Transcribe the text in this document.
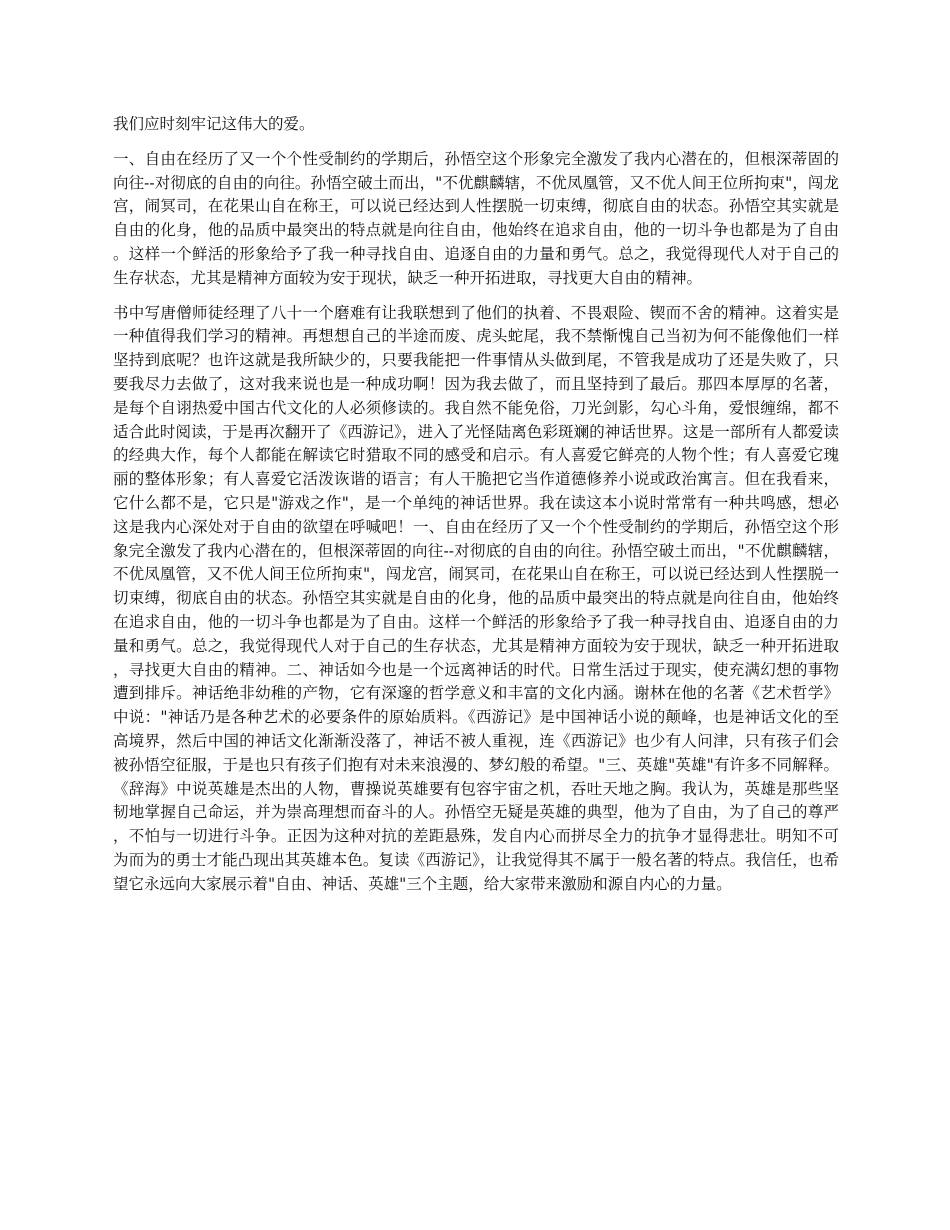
我们应时刻牢记这伟大的爱。

一、自由在经历了又一个个性受制约的学期后，孙悟空这个形象完全激发了我内心潜在的，但根深蒂固的向往--对彻底的自由的向往。孙悟空破土而出，"不优麒麟辖，不优凤凰管，又不优人间王位所拘束"，闯龙宫，闹冥司，在花果山自在称王，可以说已经达到人性摆脱一切束缚，彻底自由的状态。孙悟空其实就是自由的化身，他的品质中最突出的特点就是向往自由，他始终在追求自由，他的一切斗争也都是为了自由。这样一个鲜活的形象给予了我一种寻找自由、追逐自由的力量和勇气。总之，我觉得现代人对于自己的生存状态，尤其是精神方面较为安于现状，缺乏一种开拓进取，寻找更大自由的精神。

书中写唐僧师徒经理了八十一个磨难有让我联想到了他们的执着、不畏艰险、锲而不舍的精神。这着实是一种值得我们学习的精神。再想想自己的半途而废、虎头蛇尾，我不禁惭愧自己当初为何不能像他们一样坚持到底呢？也许这就是我所缺少的，只要我能把一件事情从头做到尾，不管我是成功了还是失败了，只要我尽力去做了，这对我来说也是一种成功啊！因为我去做了，而且坚持到了最后。那四本厚厚的名著，是每个自诩热爱中国古代文化的人必须修读的。我自然不能免俗，刀光剑影，勾心斗角，爱恨缠绵，都不适合此时阅读，于是再次翻开了《西游记》，进入了光怪陆离色彩斑斓的神话世界。这是一部所有人都爱读的经典大作，每个人都能在解读它时猎取不同的感受和启示。有人喜爱它鲜亮的人物个性；有人喜爱它瑰丽的整体形象；有人喜爱它活泼诙谐的语言；有人干脆把它当作道德修养小说或政治寓言。但在我看来，它什么都不是，它只是"游戏之作"，是一个单纯的神话世界。我在读这本小说时常常有一种共鸣感，想必这是我内心深处对于自由的欲望在呼喊吧！一、自由在经历了又一个个性受制约的学期后，孙悟空这个形象完全激发了我内心潜在的，但根深蒂固的向往--对彻底的自由的向往。孙悟空破土而出，"不优麒麟辖，不优凤凰管，又不优人间王位所拘束"，闯龙宫，闹冥司，在花果山自在称王，可以说已经达到人性摆脱一切束缚，彻底自由的状态。孙悟空其实就是自由的化身，他的品质中最突出的特点就是向往自由，他始终在追求自由，他的一切斗争也都是为了自由。这样一个鲜活的形象给予了我一种寻找自由、追逐自由的力量和勇气。总之，我觉得现代人对于自己的生存状态，尤其是精神方面较为安于现状，缺乏一种开拓进取，寻找更大自由的精神。二、神话如今也是一个远离神话的时代。日常生活过于现实，使充满幻想的事物遭到排斥。神话绝非幼稚的产物，它有深邃的哲学意义和丰富的文化内涵。谢林在他的名著《艺术哲学》中说："神话乃是各种艺术的必要条件的原始质料。《西游记》是中国神话小说的颠峰，也是神话文化的至高境界，然后中国的神话文化渐渐没落了，神话不被人重视，连《西游记》也少有人问津，只有孩子们会被孙悟空征服，于是也只有孩子们抱有对未来浪漫的、梦幻般的希望。"三、英雄"英雄"有许多不同解释。《辞海》中说英雄是杰出的人物，曹操说英雄要有包容宇宙之机，吞吐天地之胸。我认为，英雄是那些坚韧地掌握自己命运，并为崇高理想而奋斗的人。孙悟空无疑是英雄的典型，他为了自由，为了自己的尊严，不怕与一切进行斗争。正因为这种对抗的差距悬殊，发自内心而拼尽全力的抗争才显得悲壮。明知不可为而为的勇士才能凸现出其英雄本色。复读《西游记》，让我觉得其不属于一般名著的特点。我信任，也希望它永远向大家展示着"自由、神话、英雄"三个主题，给大家带来激励和源自内心的力量。
